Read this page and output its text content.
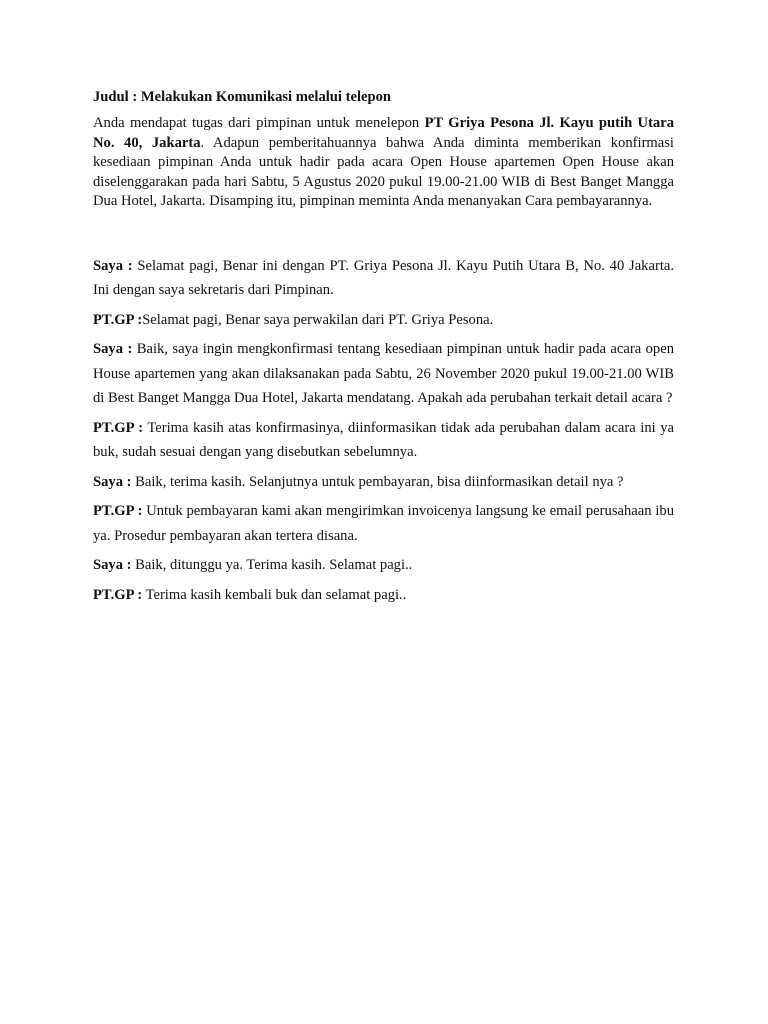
Judul : Melakukan Komunikasi melalui telepon

Anda mendapat tugas dari pimpinan untuk menelepon PT Griya Pesona Jl. Kayu putih Utara No. 40, Jakarta. Adapun pemberitahuannya bahwa Anda diminta memberikan konfirmasi kesediaan pimpinan Anda untuk hadir pada acara Open House apartemen Open House akan diselenggarakan pada hari Sabtu, 5 Agustus 2020 pukul 19.00-21.00 WIB di Best Banget Mangga Dua Hotel, Jakarta. Disamping itu, pimpinan meminta Anda menanyakan Cara pembayarannya.

Saya : Selamat pagi, Benar ini dengan PT. Griya Pesona Jl. Kayu Putih Utara B, No. 40 Jakarta. Ini dengan saya sekretaris dari Pimpinan.

PT.GP :Selamat pagi, Benar saya perwakilan dari PT. Griya Pesona.

Saya : Baik, saya ingin mengkonfirmasi tentang kesediaan pimpinan untuk hadir pada acara open House apartemen yang akan dilaksanakan pada Sabtu, 26 November 2020 pukul 19.00-21.00 WIB di Best Banget Mangga Dua Hotel, Jakarta mendatang. Apakah ada perubahan terkait detail acara ?

PT.GP : Terima kasih atas konfirmasinya, diinformasikan tidak ada perubahan dalam acara ini ya buk, sudah sesuai dengan yang disebutkan sebelumnya.

Saya : Baik, terima kasih. Selanjutnya untuk pembayaran, bisa diinformasikan detail nya ?

PT.GP : Untuk pembayaran kami akan mengirimkan invoicenya langsung ke email perusahaan ibu ya. Prosedur pembayaran akan tertera disana.

Saya : Baik, ditunggu ya. Terima kasih. Selamat pagi..

PT.GP : Terima kasih kembali buk dan selamat pagi..
